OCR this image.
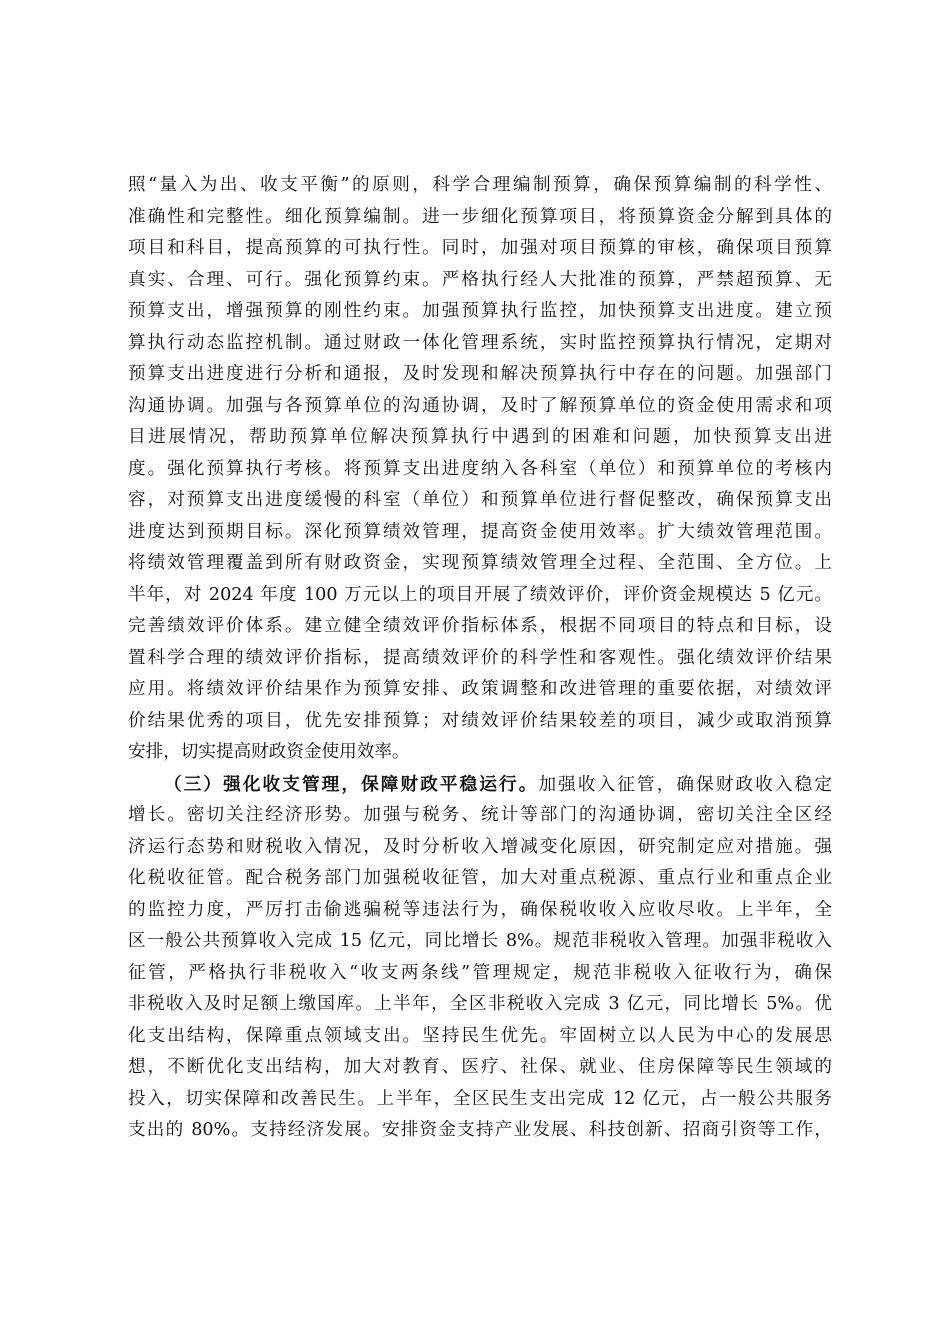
照“量入为出、收支平衡”的原则，科学合理编制预算，确保预算编制的科学性、
准确性和完整性。细化预算编制。进一步细化预算项目，将预算资金分解到具体的
项目和科目，提高预算的可执行性。同时，加强对项目预算的审核，确保项目预算
真实、合理、可行。强化预算约束。严格执行经人大批准的预算，严禁超预算、无
预算支出，增强预算的刚性约束。加强预算执行监控，加快预算支出进度。建立预
算执行动态监控机制。通过财政一体化管理系统，实时监控预算执行情况，定期对
预算支出进度进行分析和通报，及时发现和解决预算执行中存在的问题。加强部门
沟通协调。加强与各预算单位的沟通协调，及时了解预算单位的资金使用需求和项
目进展情况，帮助预算单位解决预算执行中遇到的困难和问题，加快预算支出进
度。强化预算执行考核。将预算支出进度纳入各科室（单位）和预算单位的考核内
容，对预算支出进度缓慢的科室（单位）和预算单位进行督促整改，确保预算支出
进度达到预期目标。深化预算绩效管理，提高资金使用效率。扩大绩效管理范围。
将绩效管理覆盖到所有财政资金，实现预算绩效管理全过程、全范围、全方位。上
半年，对 2024 年度 100 万元以上的项目开展了绩效评价，评价资金规模达 5 亿元。
完善绩效评价体系。建立健全绩效评价指标体系，根据不同项目的特点和目标，设
置科学合理的绩效评价指标，提高绩效评价的科学性和客观性。强化绩效评价结果
应用。将绩效评价结果作为预算安排、政策调整和改进管理的重要依据，对绩效评
价结果优秀的项目，优先安排预算；对绩效评价结果较差的项目，减少或取消预算
安排，切实提高财政资金使用效率。
（三）强化收支管理，保障财政平稳运行。加强收入征管，确保财政收入稳定
增长。密切关注经济形势。加强与税务、统计等部门的沟通协调，密切关注全区经
济运行态势和财税收入情况，及时分析收入增减变化原因，研究制定应对措施。强
化税收征管。配合税务部门加强税收征管，加大对重点税源、重点行业和重点企业
的监控力度，严厉打击偷逃骗税等违法行为，确保税收收入应收尽收。上半年，全
区一般公共预算收入完成 15 亿元，同比增长 8%。规范非税收入管理。加强非税收入
征管，严格执行非税收入“收支两条线”管理规定，规范非税收入征收行为，确保
非税收入及时足额上缴国库。上半年，全区非税收入完成 3 亿元，同比增长 5%。优
化支出结构，保障重点领域支出。坚持民生优先。牢固树立以人民为中心的发展思
想，不断优化支出结构，加大对教育、医疗、社保、就业、住房保障等民生领域的
投入，切实保障和改善民生。上半年，全区民生支出完成 12 亿元，占一般公共服务
支出的 80%。支持经济发展。安排资金支持产业发展、科技创新、招商引资等工作，
